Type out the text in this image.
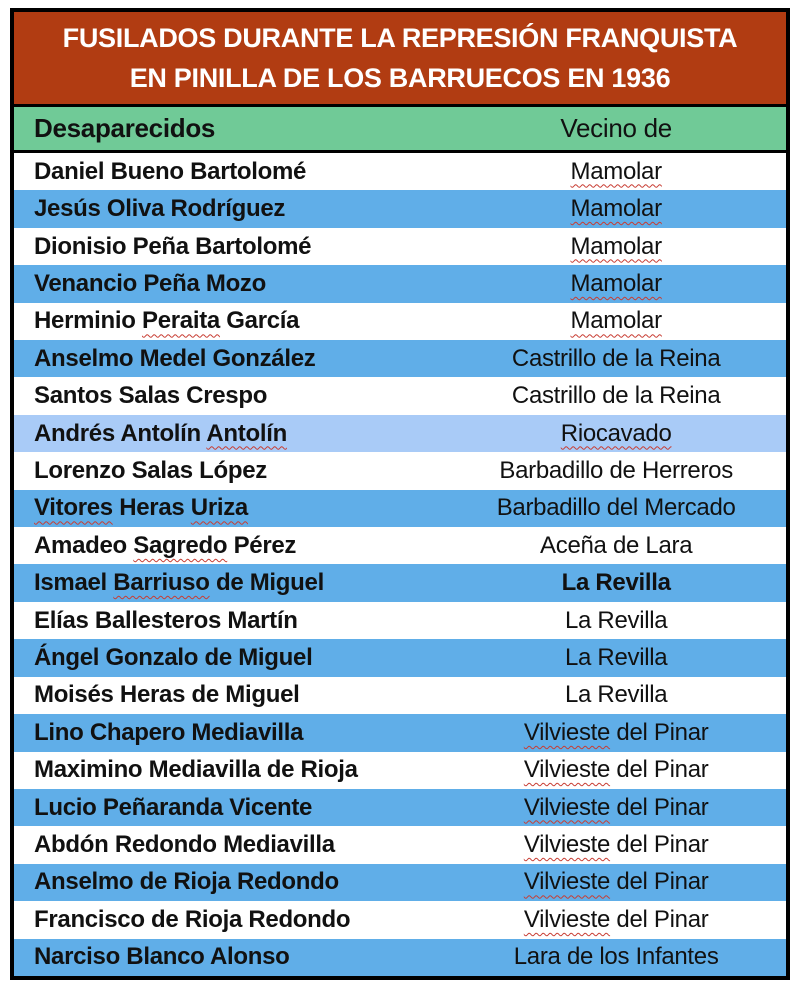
FUSILADOS DURANTE LA REPRESIÓN FRANQUISTA
EN PINILLA DE LOS BARRUECOS EN 1936
Desaparecidos	Vecino de
Daniel Bueno Bartolomé	Mamolar
Jesús Oliva Rodríguez	Mamolar
Dionisio Peña Bartolomé	Mamolar
Venancio Peña Mozo	Mamolar
Herminio Peraita García	Mamolar
Anselmo Medel González	Castrillo de la Reina
Santos Salas Crespo	Castrillo de la Reina
Andrés Antolín Antolín	Riocavado
Lorenzo Salas López	Barbadillo de Herreros
Vitores Heras Uriza	Barbadillo del Mercado
Amadeo Sagredo Pérez	Aceña de Lara
Ismael Barriuso de Miguel	La Revilla
Elías Ballesteros Martín	La Revilla
Ángel Gonzalo de Miguel	La Revilla
Moisés Heras de Miguel	La Revilla
Lino Chapero Mediavilla	Vilvieste del Pinar
Maximino Mediavilla de Rioja	Vilvieste del Pinar
Lucio Peñaranda Vicente	Vilvieste del Pinar
Abdón Redondo Mediavilla	Vilvieste del Pinar
Anselmo de Rioja Redondo	Vilvieste del Pinar
Francisco de Rioja Redondo	Vilvieste del Pinar
Narciso Blanco Alonso	Lara de los Infantes
